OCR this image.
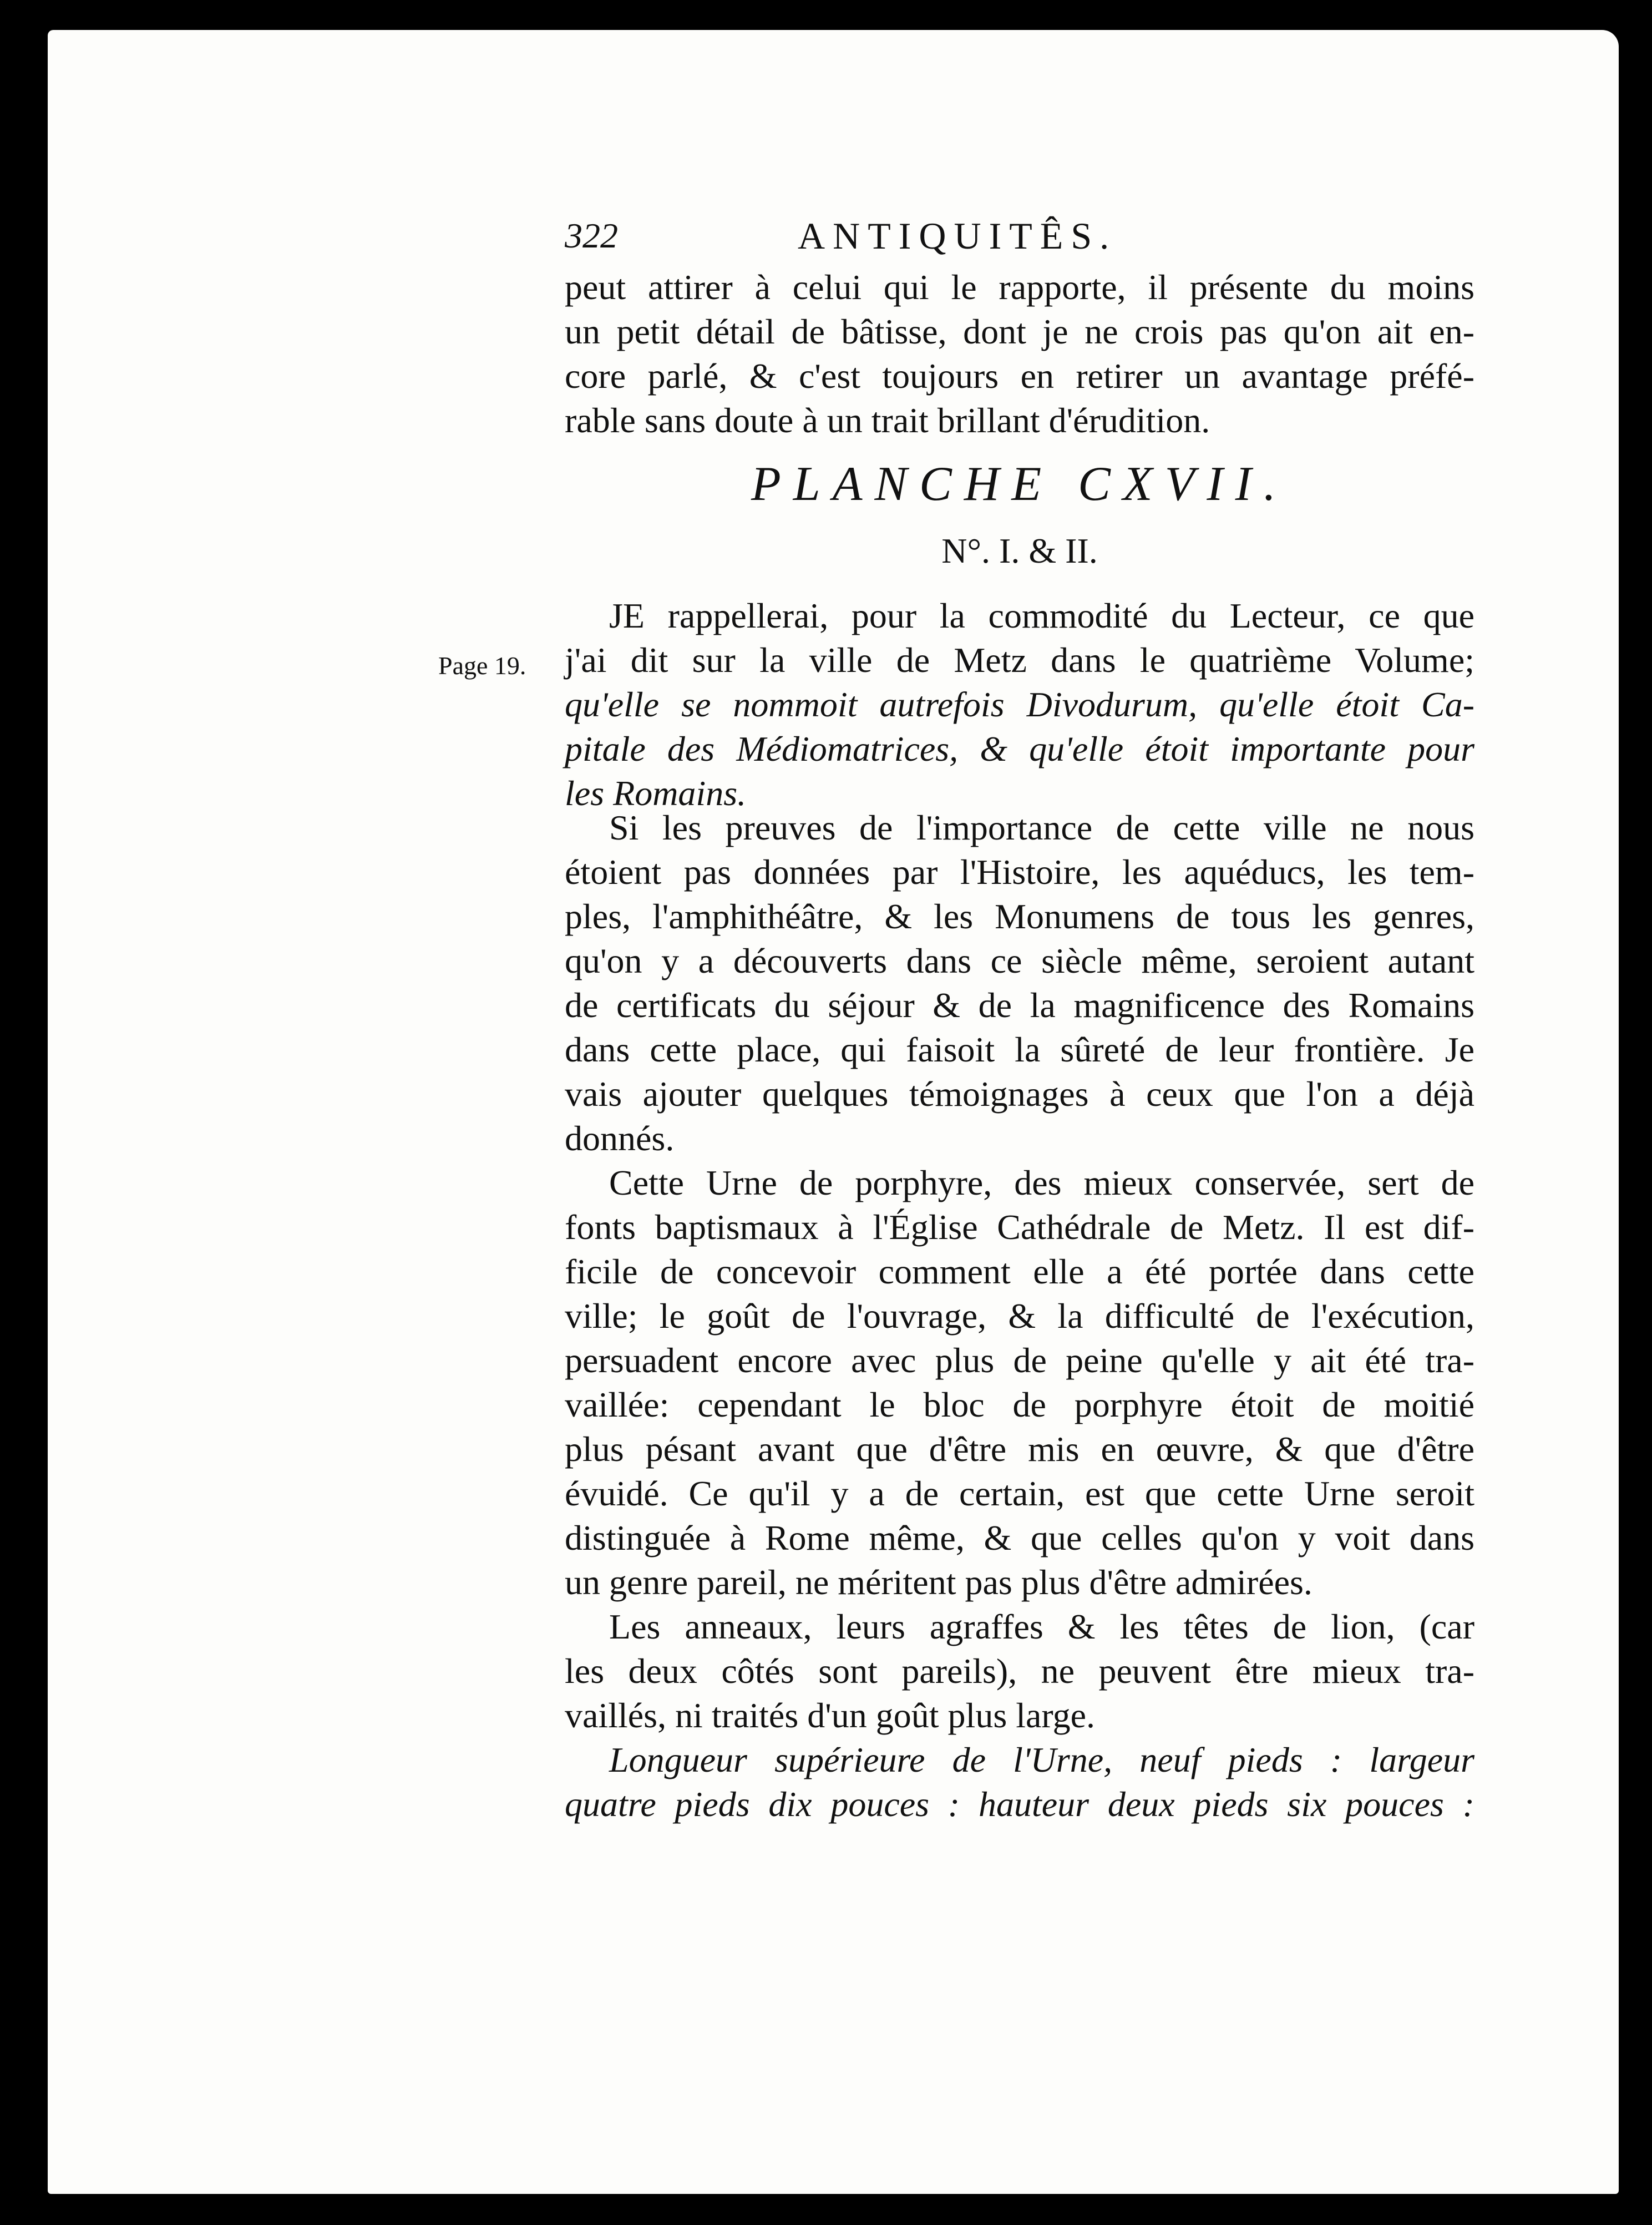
322	ANTIQUITÊS.
peut attirer à celui qui le rapporte, il présente du moins
un petit détail de bâtisse, dont je ne crois pas qu'on ait en-
core parlé, & c'est toujours en retirer un avantage préfé-
rable sans doute à un trait brillant d'érudition.
PLANCHE CXVII.
N°. I. & II.
Page 19.
JE rappellerai, pour la commodité du Lecteur, ce que
j'ai dit sur la ville de Metz dans le quatrième Volume;
qu'elle se nommoit autrefois Divodurum, qu'elle étoit Ca-
pitale des Médiomatrices, & qu'elle étoit importante pour
les Romains.
Si les preuves de l'importance de cette ville ne nous
étoient pas données par l'Histoire, les aquéducs, les tem-
ples, l'amphithéâtre, & les Monumens de tous les genres,
qu'on y a découverts dans ce siècle même, seroient autant
de certificats du séjour & de la magnificence des Romains
dans cette place, qui faisoit la sûreté de leur frontière. Je
vais ajouter quelques témoignages à ceux que l'on a déjà
donnés.
Cette Urne de porphyre, des mieux conservée, sert de
fonts baptismaux à l'Église Cathédrale de Metz. Il est dif-
ficile de concevoir comment elle a été portée dans cette
ville; le goût de l'ouvrage, & la difficulté de l'exécution,
persuadent encore avec plus de peine qu'elle y ait été tra-
vaillée: cependant le bloc de porphyre étoit de moitié
plus pésant avant que d'être mis en œuvre, & que d'être
évuidé. Ce qu'il y a de certain, est que cette Urne seroit
distinguée à Rome même, & que celles qu'on y voit dans
un genre pareil, ne méritent pas plus d'être admirées.
Les anneaux, leurs agraffes & les têtes de lion, (car
les deux côtés sont pareils), ne peuvent être mieux tra-
vaillés, ni traités d'un goût plus large.
Longueur supérieure de l'Urne, neuf pieds : largeur
quatre pieds dix pouces : hauteur deux pieds six pouces :
